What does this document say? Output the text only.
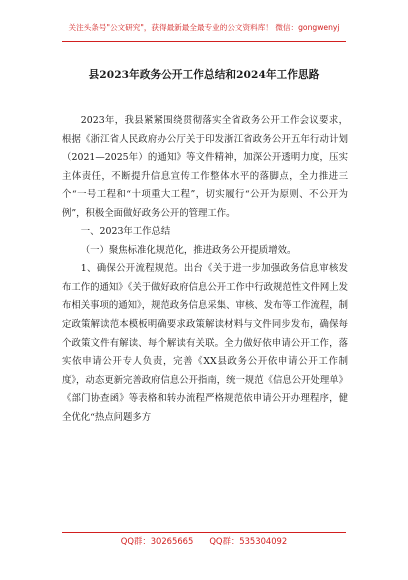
关注头条号"公文研究"，获得最新最全最专业的公文资料库！ 微信：gongwenyj
县2023年政务公开工作总结和2024年工作思路

2023年，我县紧紧围绕贯彻落实全省政务公开工作会议要求，根据《浙江省人民政府办公厅关于印发浙江省政务公开五年行动计划（2021—2025年）的通知》等文件精神，加深公开透明力度，压实主体责任，不断提升信息宣传工作整体水平的落脚点，全力推进三个“一号工程和“十项重大工程”，切实履行“公开为原则、不公开为例”，积极全面做好政务公开的管理工作。

一、2023年工作总结

（一）聚焦标准化规范化，推进政务公开提质增效。

1、确保公开流程规范。出台《关于进一步加强政务信息审核发布工作的通知》《关于做好政府信息公开工作中行政规范性文件网上发布相关事项的通知》，规范政务信息采集、审核、发布等工作流程，制定政策解读范本模板明确要求政策解读材料与文件同步发布，确保每个政策文件有解读、每个解读有关联。全力做好依申请公开工作，落实依申请公开专人负责，完善《XX县政务公开依申请公开工作制度》，动态更新完善政府信息公开指南，统一规范《信息公开处理单》《部门协查函》等表格和转办流程严格规范依申请公开办理程序，健全优化“热点问题多方

QQ群：30265665 QQ群：535304092
